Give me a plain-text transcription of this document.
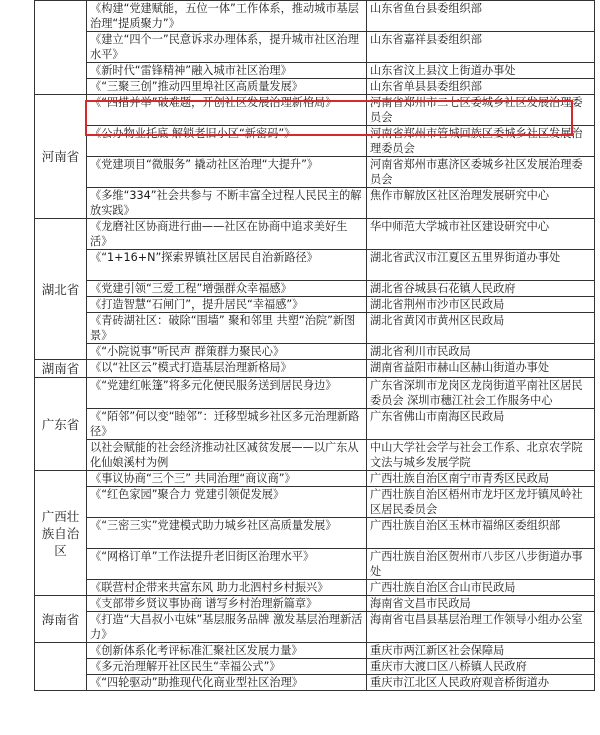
	《构建“党建赋能，五位一体”工作体系，推动城市基层治理“提质聚力”》	山东省鱼台县委组织部
	《建立“四个一”民意诉求办理体系，提升城市社区治理水平》	山东省嘉祥县委组织部
	《新时代“雷锋精神”融入城市社区治理》	山东省汶上县汶上街道办事处
	《“三聚三创”推动四里埠社区高质量发展》	山东省单县县委组织部
河南省	《“四措并举”破难题，开创社区发展治理新格局》	河南省郑州市二七区委城乡社区发展治理委员会
	《公办物业托底 解锁老旧小区“新密码”》	河南省郑州市管城回族区委城乡社区发展治理委员会
	《党建项目“微服务” 撬动社区治理“大提升”》	河南省郑州市惠济区委城乡社区发展治理委员会
	《多维“334”社会共参与 不断丰富全过程人民民主的解放实践》	焦作市解放区社区治理发展研究中心
湖北省	《龙磨社区协商进行曲——社区在协商中追求美好生活》	华中师范大学城市社区建设研究中心
	《“1+16+N”探索界镇社区居民自治新路径》	湖北省武汉市江夏区五里界街道办事处
	《党建引领“三爱工程”增强群众幸福感》	湖北省谷城县石花镇人民政府
	《打造智慧“石闸门”，提升居民“幸福感”》	湖北省荆州市沙市区民政局
	《青砖湖社区：破除“围墙” 聚和邻里 共塑“治院”新图景》	湖北省黄冈市黄州区民政局
	《“小院说事”听民声 群策群力聚民心》	湖北省利川市民政局
湖南省	《以“社区云”模式打造基层治理新格局》	湖南省益阳市赫山区赫山街道办事处
广东省	《“党建红帐篷”将多元化便民服务送到居民身边》	广东省深圳市龙岗区龙岗街道平南社区居民委员会 深圳市穗江社会工作服务中心
	《“陌邻”何以变“睦邻”：迁移型城乡社区多元治理新路径》	广东省佛山市南海区民政局
	以社会赋能的社会经济推动社区减贫发展——以广东从化仙娘溪村为例	中山大学社会学与社会工作系、北京农学院文法与城乡发展学院
广西壮族自治区	《事议协商“三个三” 共同治理“商议商”》	广西壮族自治区南宁市青秀区民政局
	《“红色家园”聚合力 党建引领促发展》	广西壮族自治区梧州市龙圩区龙圩镇凤岭社区居民委员会
	《“三密三实”党建模式助力城乡社区高质量发展》	广西壮族自治区玉林市福绵区委组织部
	《“网格订单”工作法提升老旧街区治理水平》	广西壮族自治区贺州市八步区八步街道办事处
	《联营村企带来共富东风 助力北泗村乡村振兴》	广西壮族自治区合山市民政局
海南省	《支部带乡贤议事协商 谱写乡村治理新篇章》	海南省文昌市民政局
	《打造“大昌叔小屯妹”基层服务品牌 激发基层治理新活力》	海南省屯昌县基层治理工作领导小组办公室
	《创新体系化考评标准汇聚社区发展力量》	重庆市两江新区社会保障局
	《多元治理解开社区民生“幸福公式”》	重庆市大渡口区八桥镇人民政府
	《“四轮驱动”助推现代化商业型社区治理》	重庆市江北区人民政府观音桥街道办
